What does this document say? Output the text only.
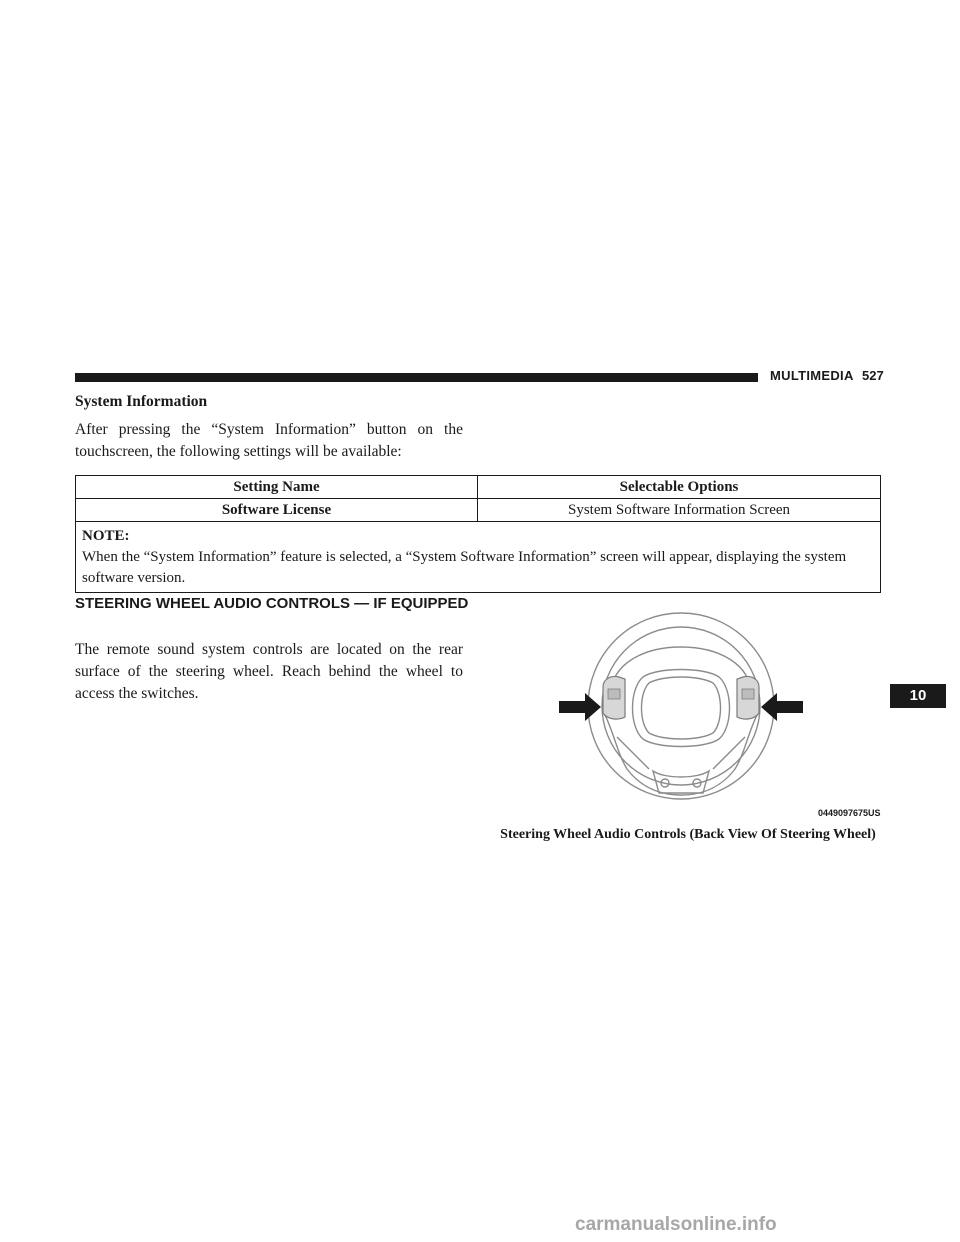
MULTIMEDIA 527
System Information
After pressing the “System Information” button on the touchscreen, the following settings will be available:
Setting Name	Selectable Options
Software License	System Software Information Screen

NOTE:
When the “System Information” feature is selected, a “System Software Information” screen will appear, displaying the system software version.	
STEERING WHEEL AUDIO CONTROLS — IF EQUIPPED
The remote sound system controls are located on the rear surface of the steering wheel. Reach behind the wheel to access the switches.
0449097675US
Steering Wheel Audio Controls (Back View Of Steering Wheel)
10
carmanualsonline.info
